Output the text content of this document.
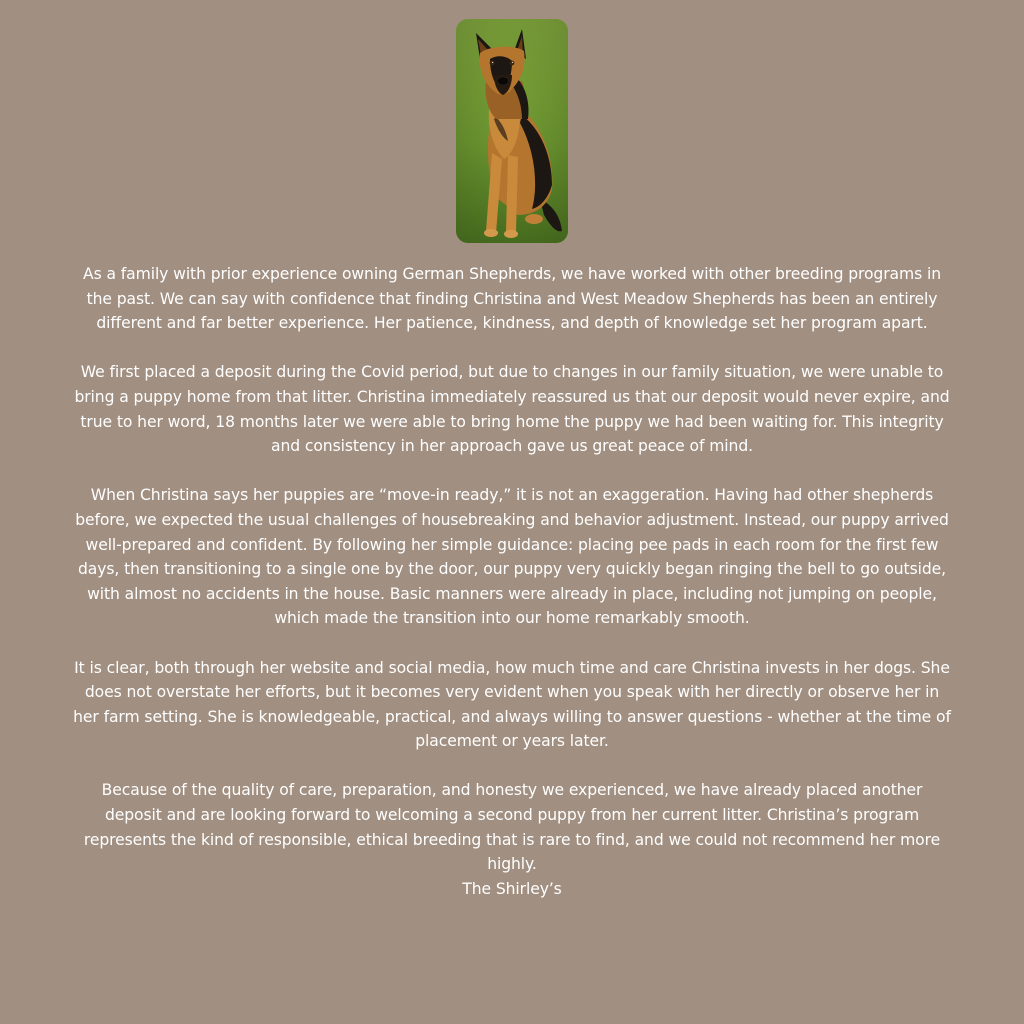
As a family with prior experience owning German Shepherds, we have worked with other breeding programs in the past. We can say with confidence that finding Christina and West Meadow Shepherds has been an entirely different and far better experience. Her patience, kindness, and depth of knowledge set her program apart.

We first placed a deposit during the Covid period, but due to changes in our family situation, we were unable to bring a puppy home from that litter. Christina immediately reassured us that our deposit would never expire, and true to her word, 18 months later we were able to bring home the puppy we had been waiting for. This integrity and consistency in her approach gave us great peace of mind.

When Christina says her puppies are “move-in ready,” it is not an exaggeration. Having had other shepherds before, we expected the usual challenges of housebreaking and behavior adjustment. Instead, our puppy arrived well-prepared and confident. By following her simple guidance: placing pee pads in each room for the first few days, then transitioning to a single one by the door, our puppy very quickly began ringing the bell to go outside, with almost no accidents in the house. Basic manners were already in place, including not jumping on people, which made the transition into our home remarkably smooth.

It is clear, both through her website and social media, how much time and care Christina invests in her dogs. She does not overstate her efforts, but it becomes very evident when you speak with her directly or observe her in her farm setting. She is knowledgeable, practical, and always willing to answer questions - whether at the time of placement or years later.

Because of the quality of care, preparation, and honesty we experienced, we have already placed another deposit and are looking forward to welcoming a second puppy from her current litter. Christina’s program represents the kind of responsible, ethical breeding that is rare to find, and we could not recommend her more highly.

The Shirley’s
